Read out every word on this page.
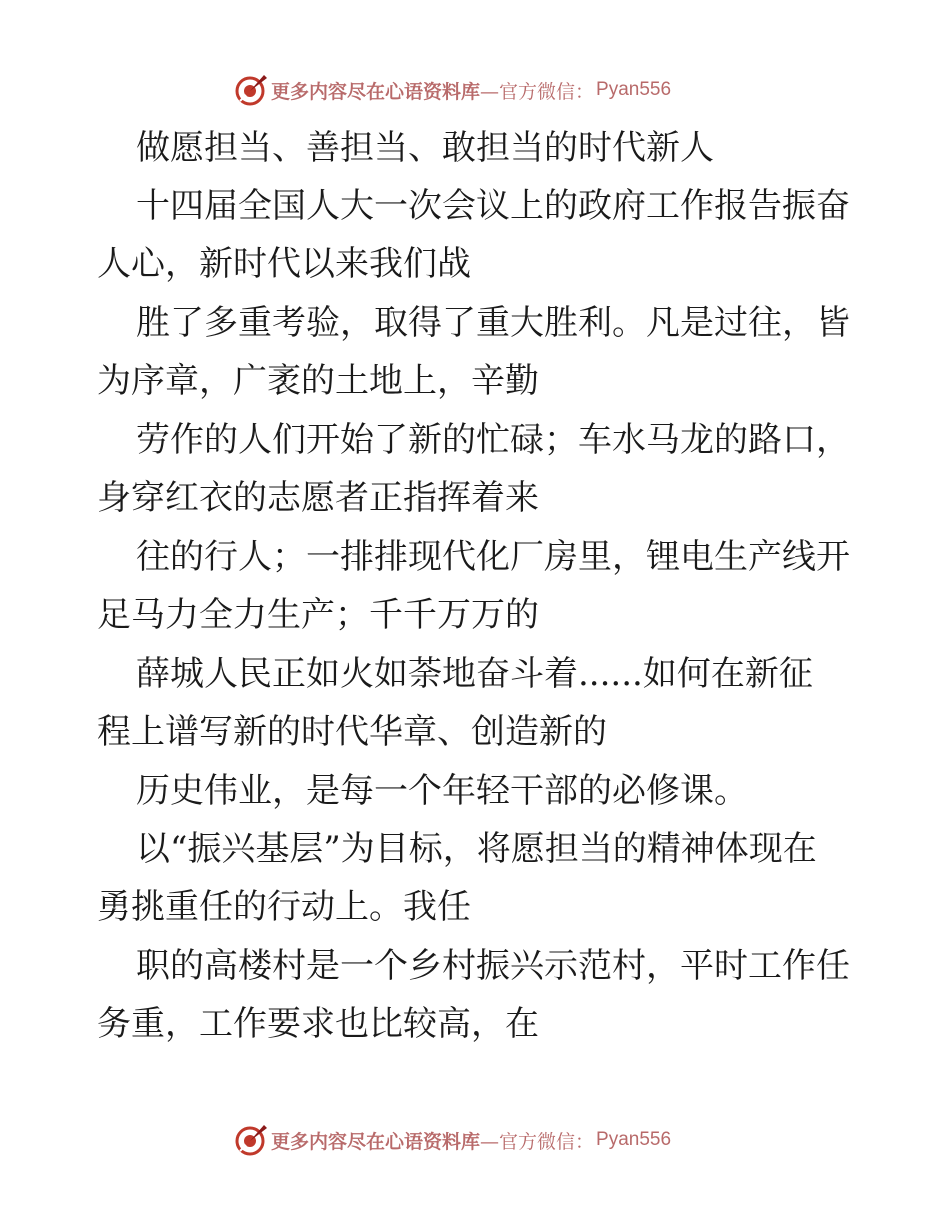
更多内容尽在心语资料库 —官方微信： Pyan556
做愿担当、善担当、敢担当的时代新人
十四届全国人大一次会议上的政府工作报告振奋
人心，新时代以来我们战
胜了多重考验，取得了重大胜利。凡是过往，皆
为序章，广袤的土地上，辛勤
劳作的人们开始了新的忙碌；车水马龙的路口，
身穿红衣的志愿者正指挥着来
往的行人；一排排现代化厂房里，锂电生产线开
足马力全力生产；千千万万的
薛城人民正如火如荼地奋斗着......如何在新征
程上谱写新的时代华章、创造新的
历史伟业，是每一个年轻干部的必修课。
以“振兴基层”为目标，将愿担当的精神体现在
勇挑重任的行动上。我任
职的高楼村是一个乡村振兴示范村，平时工作任
务重，工作要求也比较高，在
更多内容尽在心语资料库 —官方微信： Pyan556
